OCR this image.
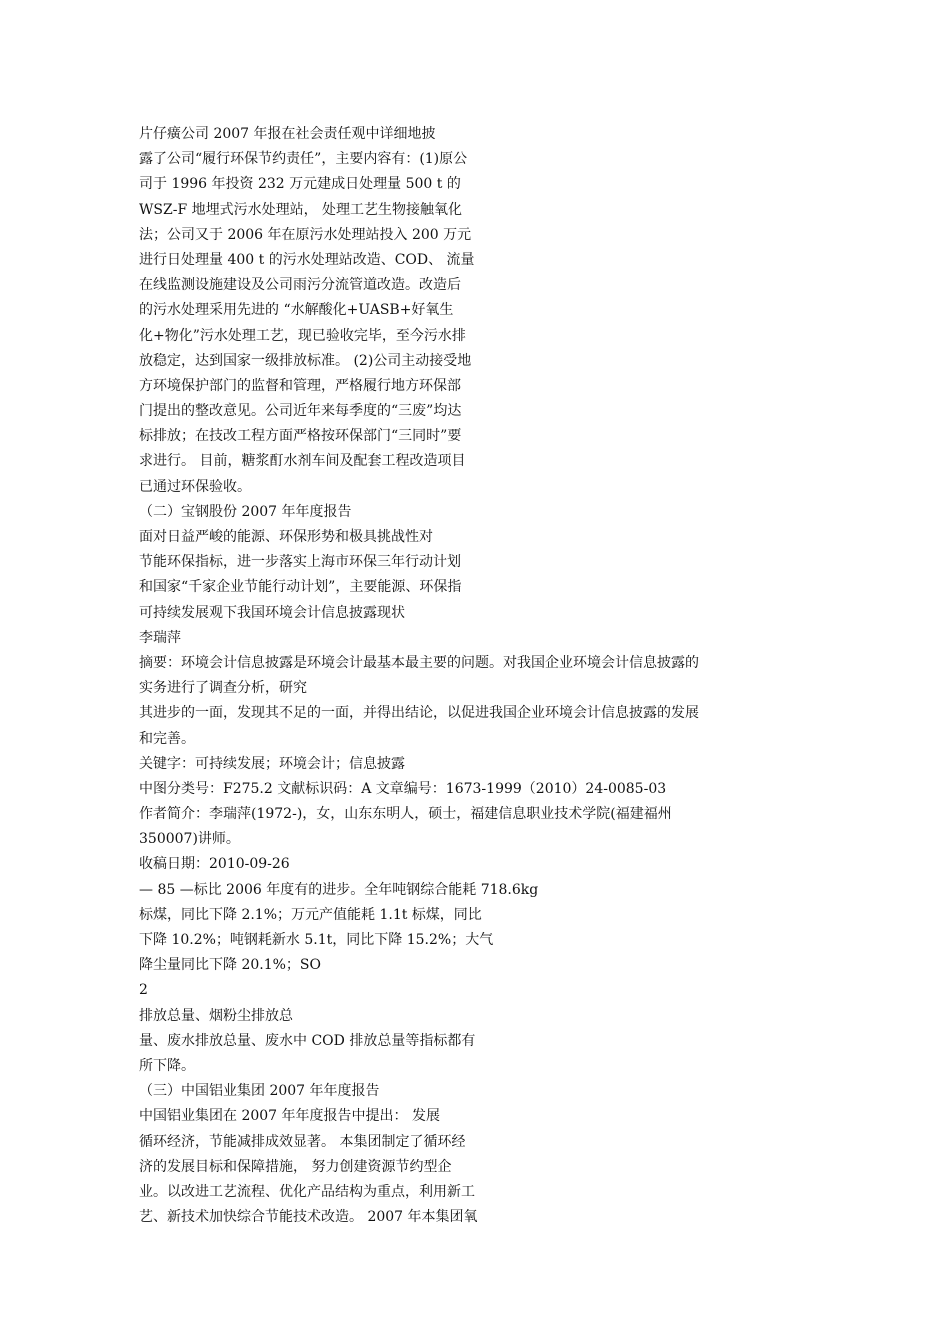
片仔癀公司 2007 年报在社会责任观中详细地披
露了公司“履行环保节约责任”，主要内容有：(1)原公
司于 1996 年投资 232 万元建成日处理量 500 t 的
WSZ-F 地埋式污水处理站， 处理工艺生物接触氧化
法；公司又于 2006 年在原污水处理站投入 200 万元
进行日处理量 400 t 的污水处理站改造、COD、 流量
在线监测设施建设及公司雨污分流管道改造。改造后
的污水处理采用先进的 “水解酸化+UASB+好氧生
化+物化”污水处理工艺，现已验收完毕，至今污水排
放稳定，达到国家一级排放标准。 (2)公司主动接受地
方环境保护部门的监督和管理，严格履行地方环保部
门提出的整改意见。公司近年来每季度的“三废”均达
标排放；在技改工程方面严格按环保部门“三同时”要
求进行。 目前，糖浆酊水剂车间及配套工程改造项目
已通过环保验收。
（二）宝钢股份 2007 年年度报告
面对日益严峻的能源、环保形势和极具挑战性对
节能环保指标，进一步落实上海市环保三年行动计划
和国家“千家企业节能行动计划”，主要能源、环保指
可持续发展观下我国环境会计信息披露现状
李瑞萍
摘要：环境会计信息披露是环境会计最基本最主要的问题。对我国企业环境会计信息披露的
实务进行了调查分析，研究
其进步的一面，发现其不足的一面，并得出结论，以促进我国企业环境会计信息披露的发展
和完善。
关键字：可持续发展；环境会计；信息披露
中图分类号：F275.2 文献标识码：A 文章编号：1673-1999（2010）24-0085-03
作者简介：李瑞萍(1972-)，女，山东东明人，硕士，福建信息职业技术学院(福建福州
350007)讲师。
收稿日期：2010-09-26
— 85 —标比 2006 年度有的进步。全年吨钢综合能耗 718.6kg
标煤，同比下降 2.1%；万元产值能耗 1.1t 标煤，同比
下降 10.2%；吨钢耗新水 5.1t，同比下降 15.2%；大气
降尘量同比下降 20.1%；SO
2
排放总量、烟粉尘排放总
量、废水排放总量、废水中 COD 排放总量等指标都有
所下降。
（三）中国铝业集团 2007 年年度报告
中国铝业集团在 2007 年年度报告中提出： 发展
循环经济，节能减排成效显著。 本集团制定了循环经
济的发展目标和保障措施， 努力创建资源节约型企
业。以改进工艺流程、优化产品结构为重点，利用新工
艺、新技术加快综合节能技术改造。 2007 年本集团氧
